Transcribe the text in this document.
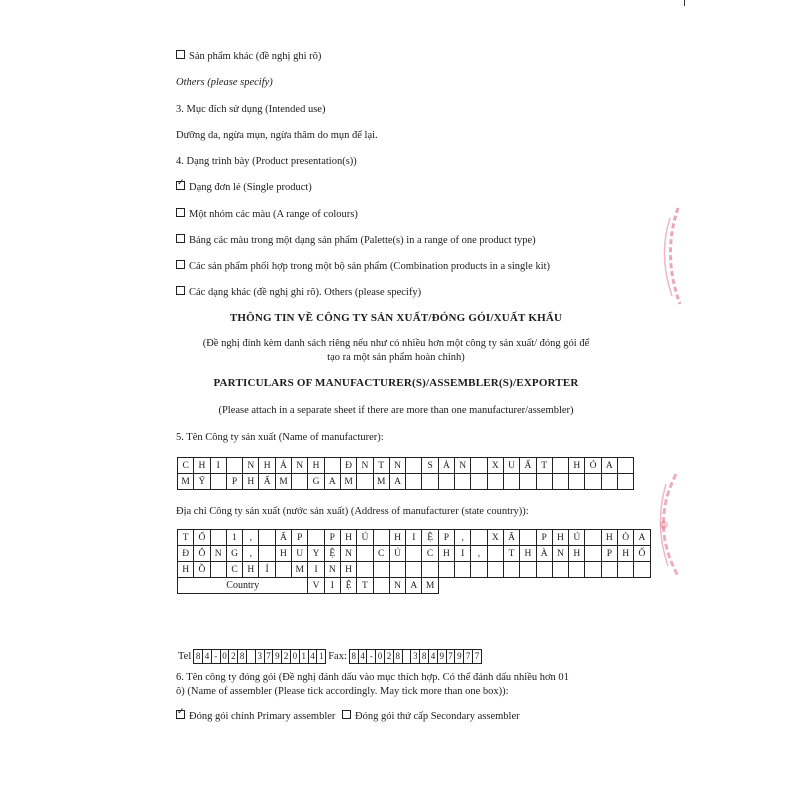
Sản phẩm khác (đề nghị ghi rõ)
Others (please specify)
3. Mục đích sử dụng (Intended use)
Dưỡng da, ngừa mụn, ngừa thâm do mụn để lại.
4. Dạng trình bày (Product presentation(s))
✓Dạng đơn lẻ (Single product)
Một nhóm các màu (A range of colours)
Bảng các màu trong một dạng sản phẩm (Palette(s) in a range of one product type)
Các sản phẩm phối hợp trong một bộ sản phẩm (Combination products in a single kit)
Các dạng khác (đề nghị ghi rõ). Others (please specify)
THÔNG TIN VỀ CÔNG TY SẢN XUẤT/ĐÓNG GÓI/XUẤT KHẨU
(Đề nghị đính kèm danh sách riêng nếu như có nhiều hơn một công ty sản xuất/ đóng gói để
tạo ra một sản phẩm hoàn chỉnh)
PARTICULARS OF MANUFACTURER(S)/ASSEMBLER(S)/EXPORTER
(Please attach in a separate sheet if there are more than one manufacturer/assembler)
5. Tên Công ty sản xuất (Name of manufacturer):
C	H	I		N	H	Á	N	H		Đ	N	T	N		S	Ả	N		X	U	Ấ	T		H	Ó	A	
M	Ỹ		P	H	Ẩ	M		G	A	M		M	A														
Địa chỉ Công ty sản xuất (nước sản xuất) (Address of manufacturer (state country)):
T	Ổ		1	,		Ấ	P		P	H	Ú		H	I	Ệ	P	,		X	Ã		P	H	Ú		H	Ò	A
Đ	Ô	N	G	,		H	U	Y	Ệ	N		C	Ủ		C	H	I	,		T	H	À	N	H		P	H	Ố
H	Ồ		C	H	Í		M	I	N	H																		
Country								V	I	Ệ	T		N	A	M													
Tel 8 4 - 0 2 8 3 7 9 2 0 1 4 1 Fax: 8 4 - 0 2 8 3 8 4 9 7 9 7 7
6. Tên công ty đóng gói (Đề nghị đánh dấu vào mục thích hợp. Có thể đánh dấu nhiều hơn 01
ô) (Name of assembler (Please tick accordingly. May tick more than one box)):
✓Đóng gói chính Primary assembler Đóng gói thứ cấp Secondary assembler
